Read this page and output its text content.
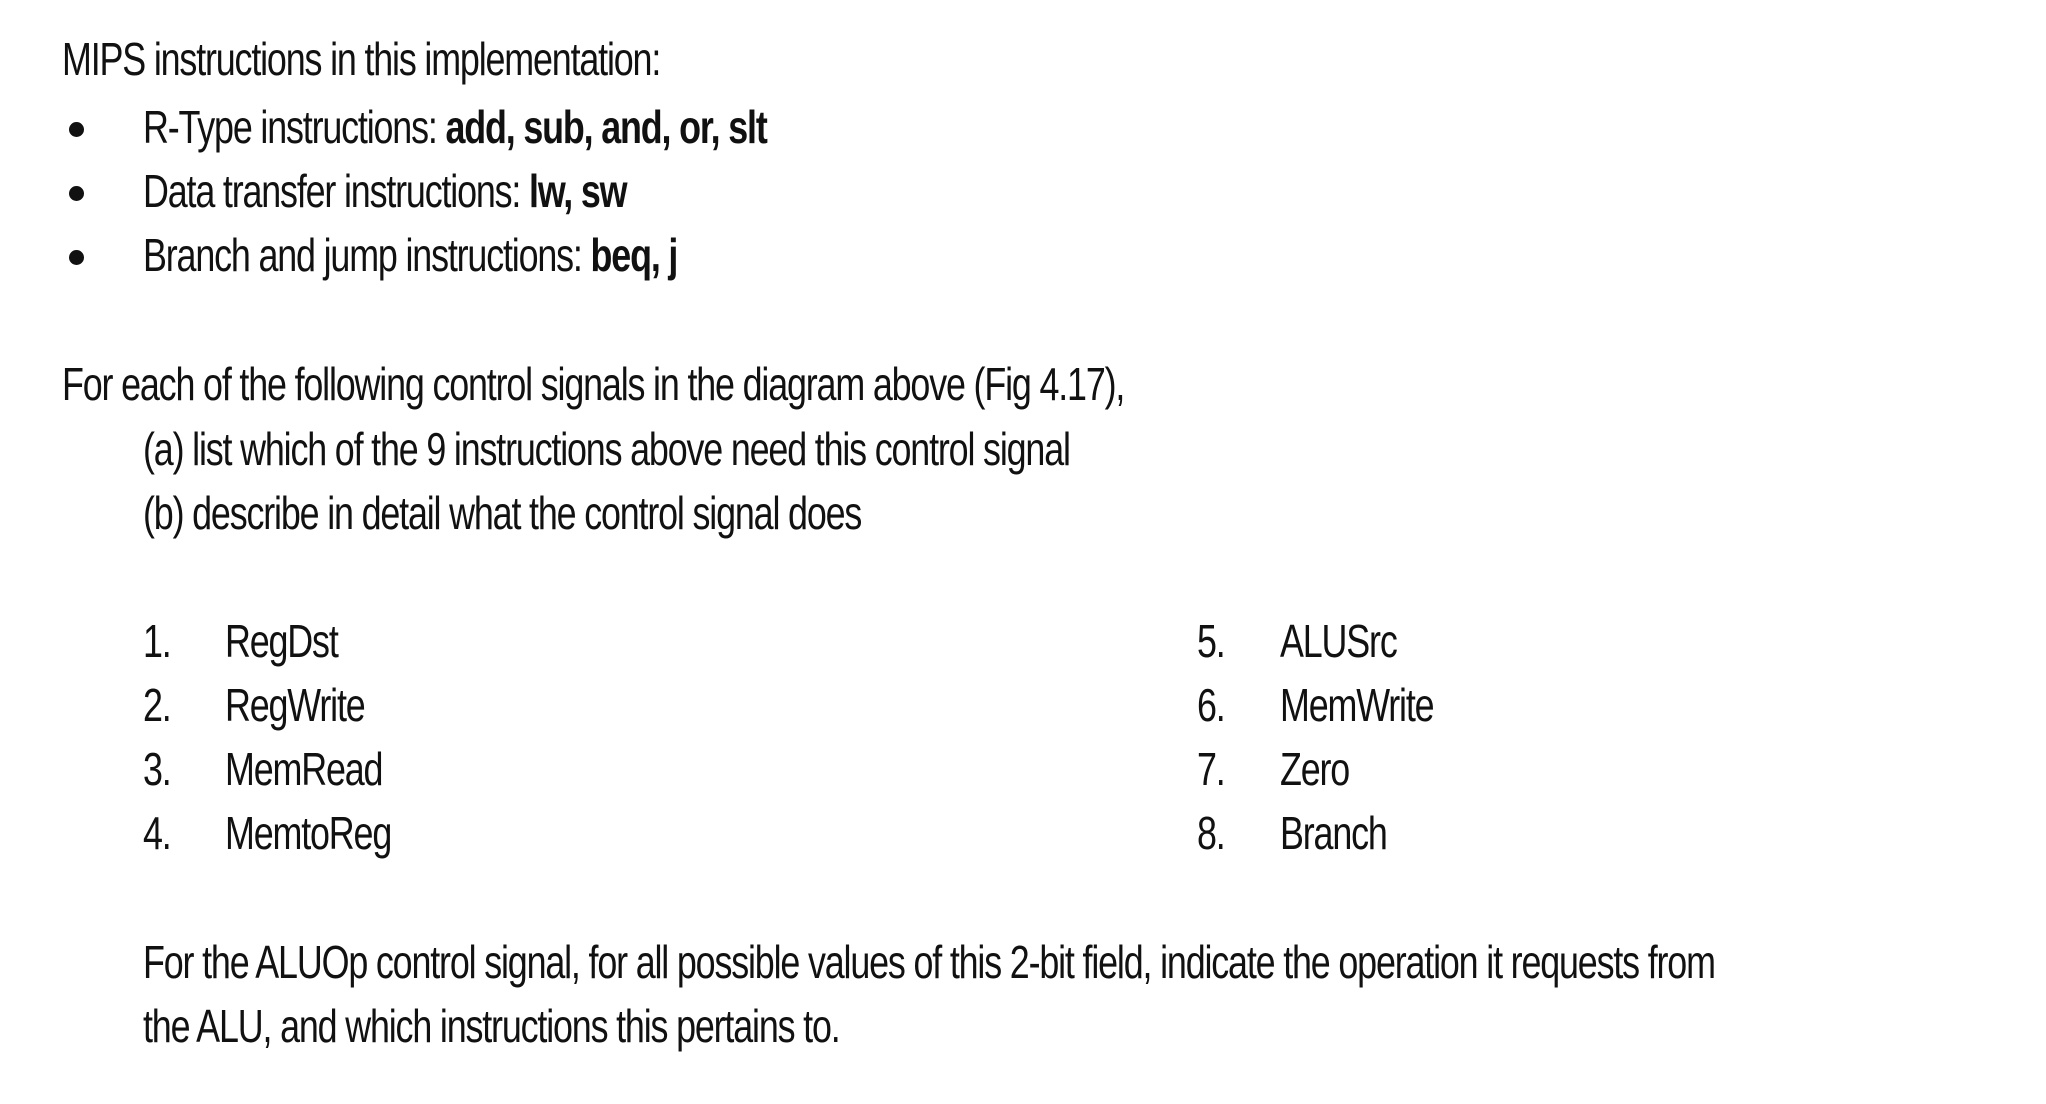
MIPS instructions in this implementation:
R-Type instructions: add, sub, and, or, slt
Data transfer instructions: lw, sw
Branch and jump instructions: beq, j
For each of the following control signals in the diagram above (Fig 4.17),
(a) list which of the 9 instructions above need this control signal
(b) describe in detail what the control signal does
1. RegDst
2. RegWrite
3. MemRead
4. MemtoReg
5. ALUSrc
6. MemWrite
7. Zero
8. Branch
For the ALUOp control signal, for all possible values of this 2-bit field, indicate the operation it requests from
the ALU, and which instructions this pertains to.
